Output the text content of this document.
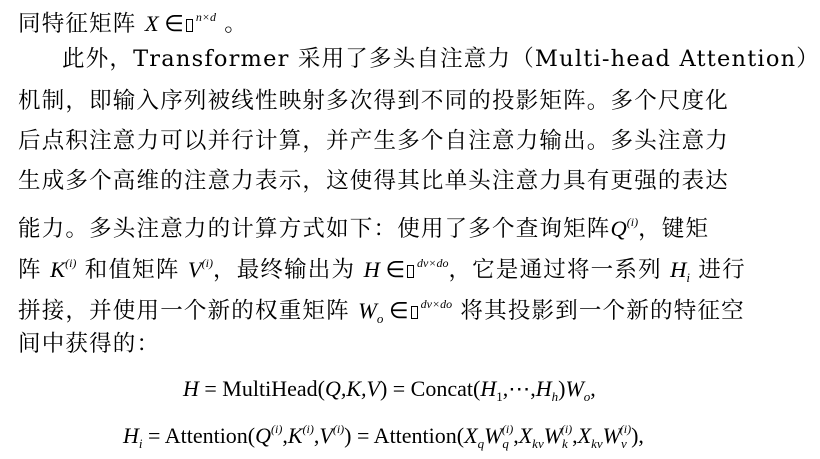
同特征矩阵 X ∈ $^{n\times d}$ 。
此外，Transformer 采用了多头自注意力（Multi-head Attention）
机制，即输入序列被线性映射多次得到不同的投影矩阵。多个尺度化
后点积注意力可以并行计算，并产生多个自注意力输出。多头注意力
生成多个高维的注意力表示，这使得其比单头注意力具有更强的表达
能力。多头注意力的计算方式如下：使用了多个查询矩阵$Q^{(i)}$，键矩
阵 $K^{(i)}$ 和值矩阵 $V^{(i)}$，最终输出为 H ∈ $^{dv\times do}$，它是通过将一系列 $H_i$ 进行
拼接，并使用一个新的权重矩阵 $W_o$ ∈ $^{dv\times do}$ 将其投影到一个新的特征空
间中获得的：
H = MultiHead(Q,K,V) = $Concat(H_1,\cdots,H_h)W_o$,
$H_i$ = $Attention(Q^{(i)},K^{(i)},V^{(i)})$ = $Attention(X_qW_q^{(i)},X_{kv}W_k^{(i)},X_{kv}W_v^{(i)})$,
